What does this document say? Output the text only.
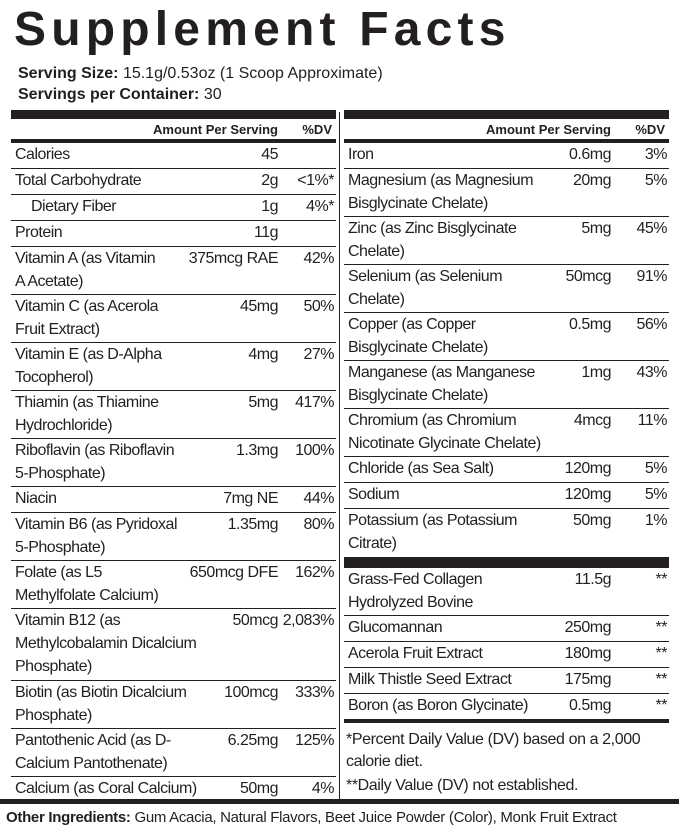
Supplement Facts
Serving Size: 15.1g/0.53oz (1 Scoop Approximate)
Servings per Container: 30
Amount Per Serving %DV
Calories	45
Total Carbohydrate	2g <1%*
Dietary Fiber	1g 4%*
Protein	11g
Vitamin A (as Vitamin
A Acetate)
375mcg RAE 42%
Vitamin C (as Acerola
Fruit Extract)
45mg 50%
Vitamin E (as D-Alpha
Tocopherol)
4mg 27%
Thiamin (as Thiamine
Hydrochloride)
5mg 417%
Riboflavin (as Riboflavin
5-Phosphate)
1.3mg 100%
Niacin	7mg NE 44%
Vitamin B6 (as Pyridoxal
5-Phosphate)
1.35mg 80%
Folate (as L5
Methylfolate Calcium)
650mcg DFE 162%
Vitamin B12 (as
Methylcobalamin Dicalcium
Phosphate)
50mcg 2,083%
Biotin (as Biotin Dicalcium
Phosphate)
100mcg 333%
Pantothenic Acid (as D-
Calcium Pantothenate)
6.25mg 125%
Calcium (as Coral Calcium)	50mg 4%
Amount Per Serving %DV
Iron	0.6mg 3%
Magnesium (as Magnesium
Bisglycinate Chelate)
20mg 5%
Zinc (as Zinc Bisglycinate
Chelate)
5mg 45%
Selenium (as Selenium
Chelate)
50mcg 91%
Copper (as Copper
Bisglycinate Chelate)
0.5mg 56%
Manganese (as Manganese
Bisglycinate Chelate)
1mg 43%
Chromium (as Chromium
Nicotinate Glycinate Chelate)
4mcg 11%
Chloride (as Sea Salt)	120mg 5%
Sodium	120mg 5%
Potassium (as Potassium
Citrate)
50mg 1%
Grass-Fed Collagen
Hydrolyzed Bovine
11.5g	**
Glucomannan	250mg	**
Acerola Fruit Extract	180mg	**
Milk Thistle Seed Extract	175mg	**
Boron (as Boron Glycinate)	0.5mg	**
*Percent Daily Value (DV) based on a 2,000
calorie diet.
**Daily Value (DV) not established.
Other Ingredients: Gum Acacia, Natural Flavors, Beet Juice Powder (Color), Monk Fruit Extract
